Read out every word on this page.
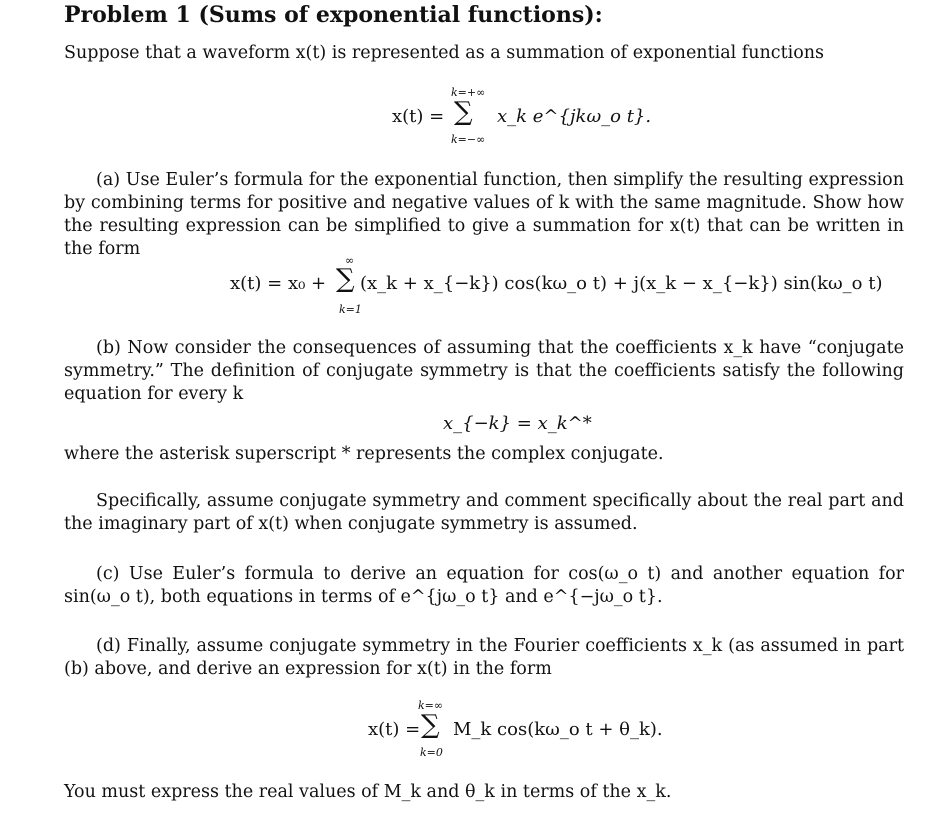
Problem 1 (Sums of exponential functions):
Suppose that a waveform x(t) is represented as a summation of exponential functions
x(t) =
k=+∞
∑
k=−∞
x_k e^{jkω_o t}.
(a) Use Euler’s formula for the exponential function, then simplify the resulting expression by combining terms for positive and negative values of k with the same magnitude. Show how the resulting expression can be simplified to give a summation for x(t) that can be written in the form
x(t) = x₀ +
∞
∑
k=1
(x_k + x_{−k}) cos(kω_o t) + j(x_k − x_{−k}) sin(kω_o t)
(b) Now consider the consequences of assuming that the coefficients x_k have “conjugate symmetry.” The definition of conjugate symmetry is that the coefficients satisfy the following equation for every k
x_{−k} = x_k^*
where the asterisk superscript * represents the complex conjugate.
Specifically, assume conjugate symmetry and comment specifically about the real part and the imaginary part of x(t) when conjugate symmetry is assumed.
(c) Use Euler’s formula to derive an equation for cos(ω_o t) and another equation for sin(ω_o t), both equations in terms of e^{jω_o t} and e^{−jω_o t}.
(d) Finally, assume conjugate symmetry in the Fourier coefficients x_k (as assumed in part (b) above, and derive an expression for x(t) in the form
x(t) =
k=∞
∑
k=0
M_k cos(kω_o t + θ_k).
You must express the real values of M_k and θ_k in terms of the x_k.
